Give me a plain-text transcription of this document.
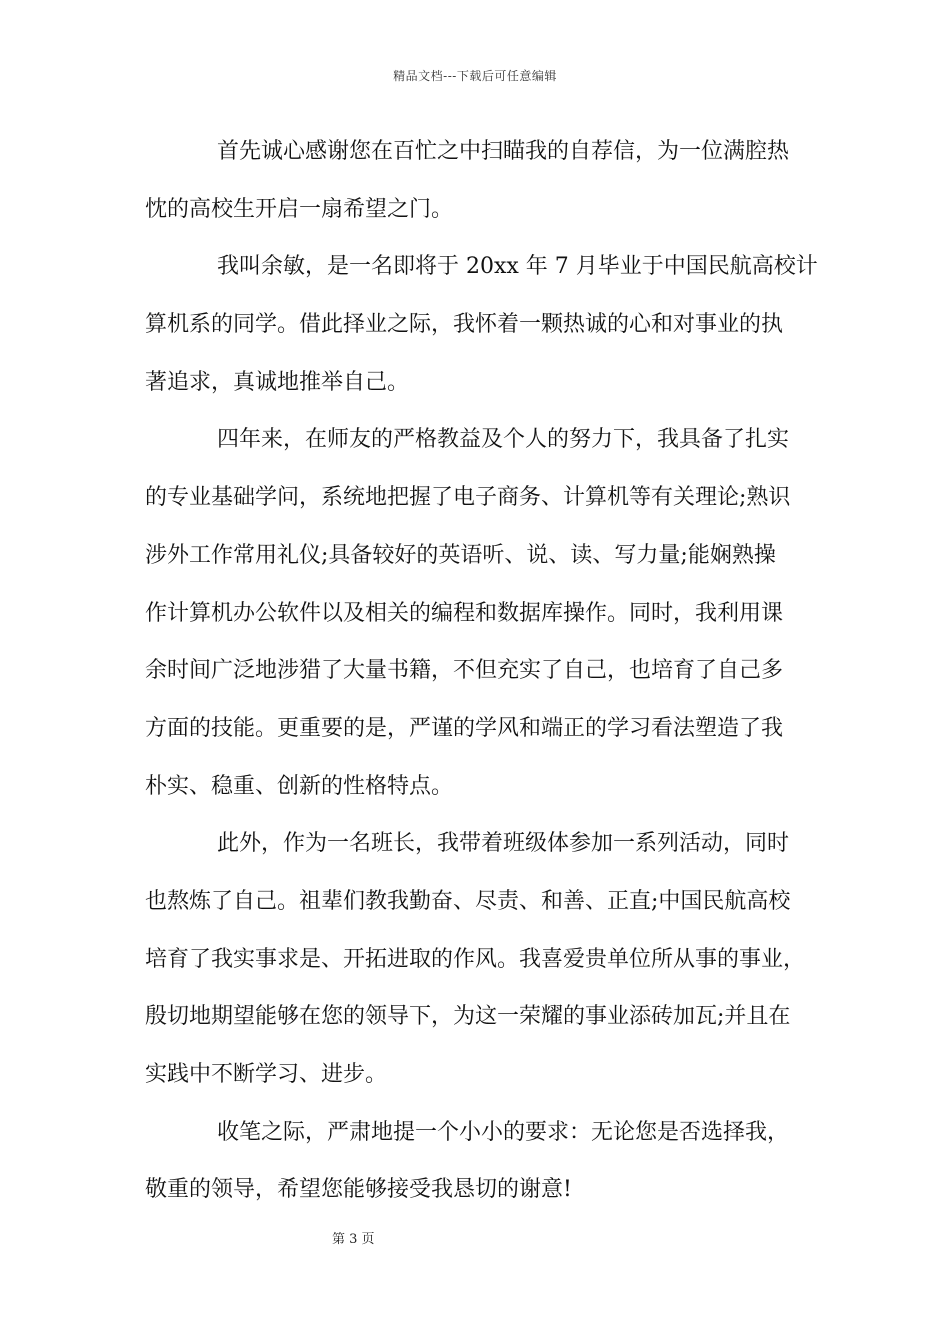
精品文档---下载后可任意编辑
首先诚心感谢您在百忙之中扫瞄我的自荐信，为一位满腔热
忱的高校生开启一扇希望之门。
我叫余敏，是一名即将于 20xx 年 7 月毕业于中国民航高校计
算机系的同学。借此择业之际，我怀着一颗热诚的心和对事业的执
著追求，真诚地推举自己。
四年来，在师友的严格教益及个人的努力下，我具备了扎实
的专业基础学问，系统地把握了电子商务、计算机等有关理论;熟识
涉外工作常用礼仪;具备较好的英语听、说、读、写力量;能娴熟操
作计算机办公软件以及相关的编程和数据库操作。同时，我利用课
余时间广泛地涉猎了大量书籍，不但充实了自己，也培育了自己多
方面的技能。更重要的是，严谨的学风和端正的学习看法塑造了我
朴实、稳重、创新的性格特点。
此外，作为一名班长，我带着班级体参加一系列活动，同时
也熬炼了自己。祖辈们教我勤奋、尽责、和善、正直;中国民航高校
培育了我实事求是、开拓进取的作风。我喜爱贵单位所从事的事业，
殷切地期望能够在您的领导下，为这一荣耀的事业添砖加瓦;并且在
实践中不断学习、进步。
收笔之际，严肃地提一个小小的要求：无论您是否选择我，
敬重的领导，希望您能够接受我恳切的谢意!
第 3 页
